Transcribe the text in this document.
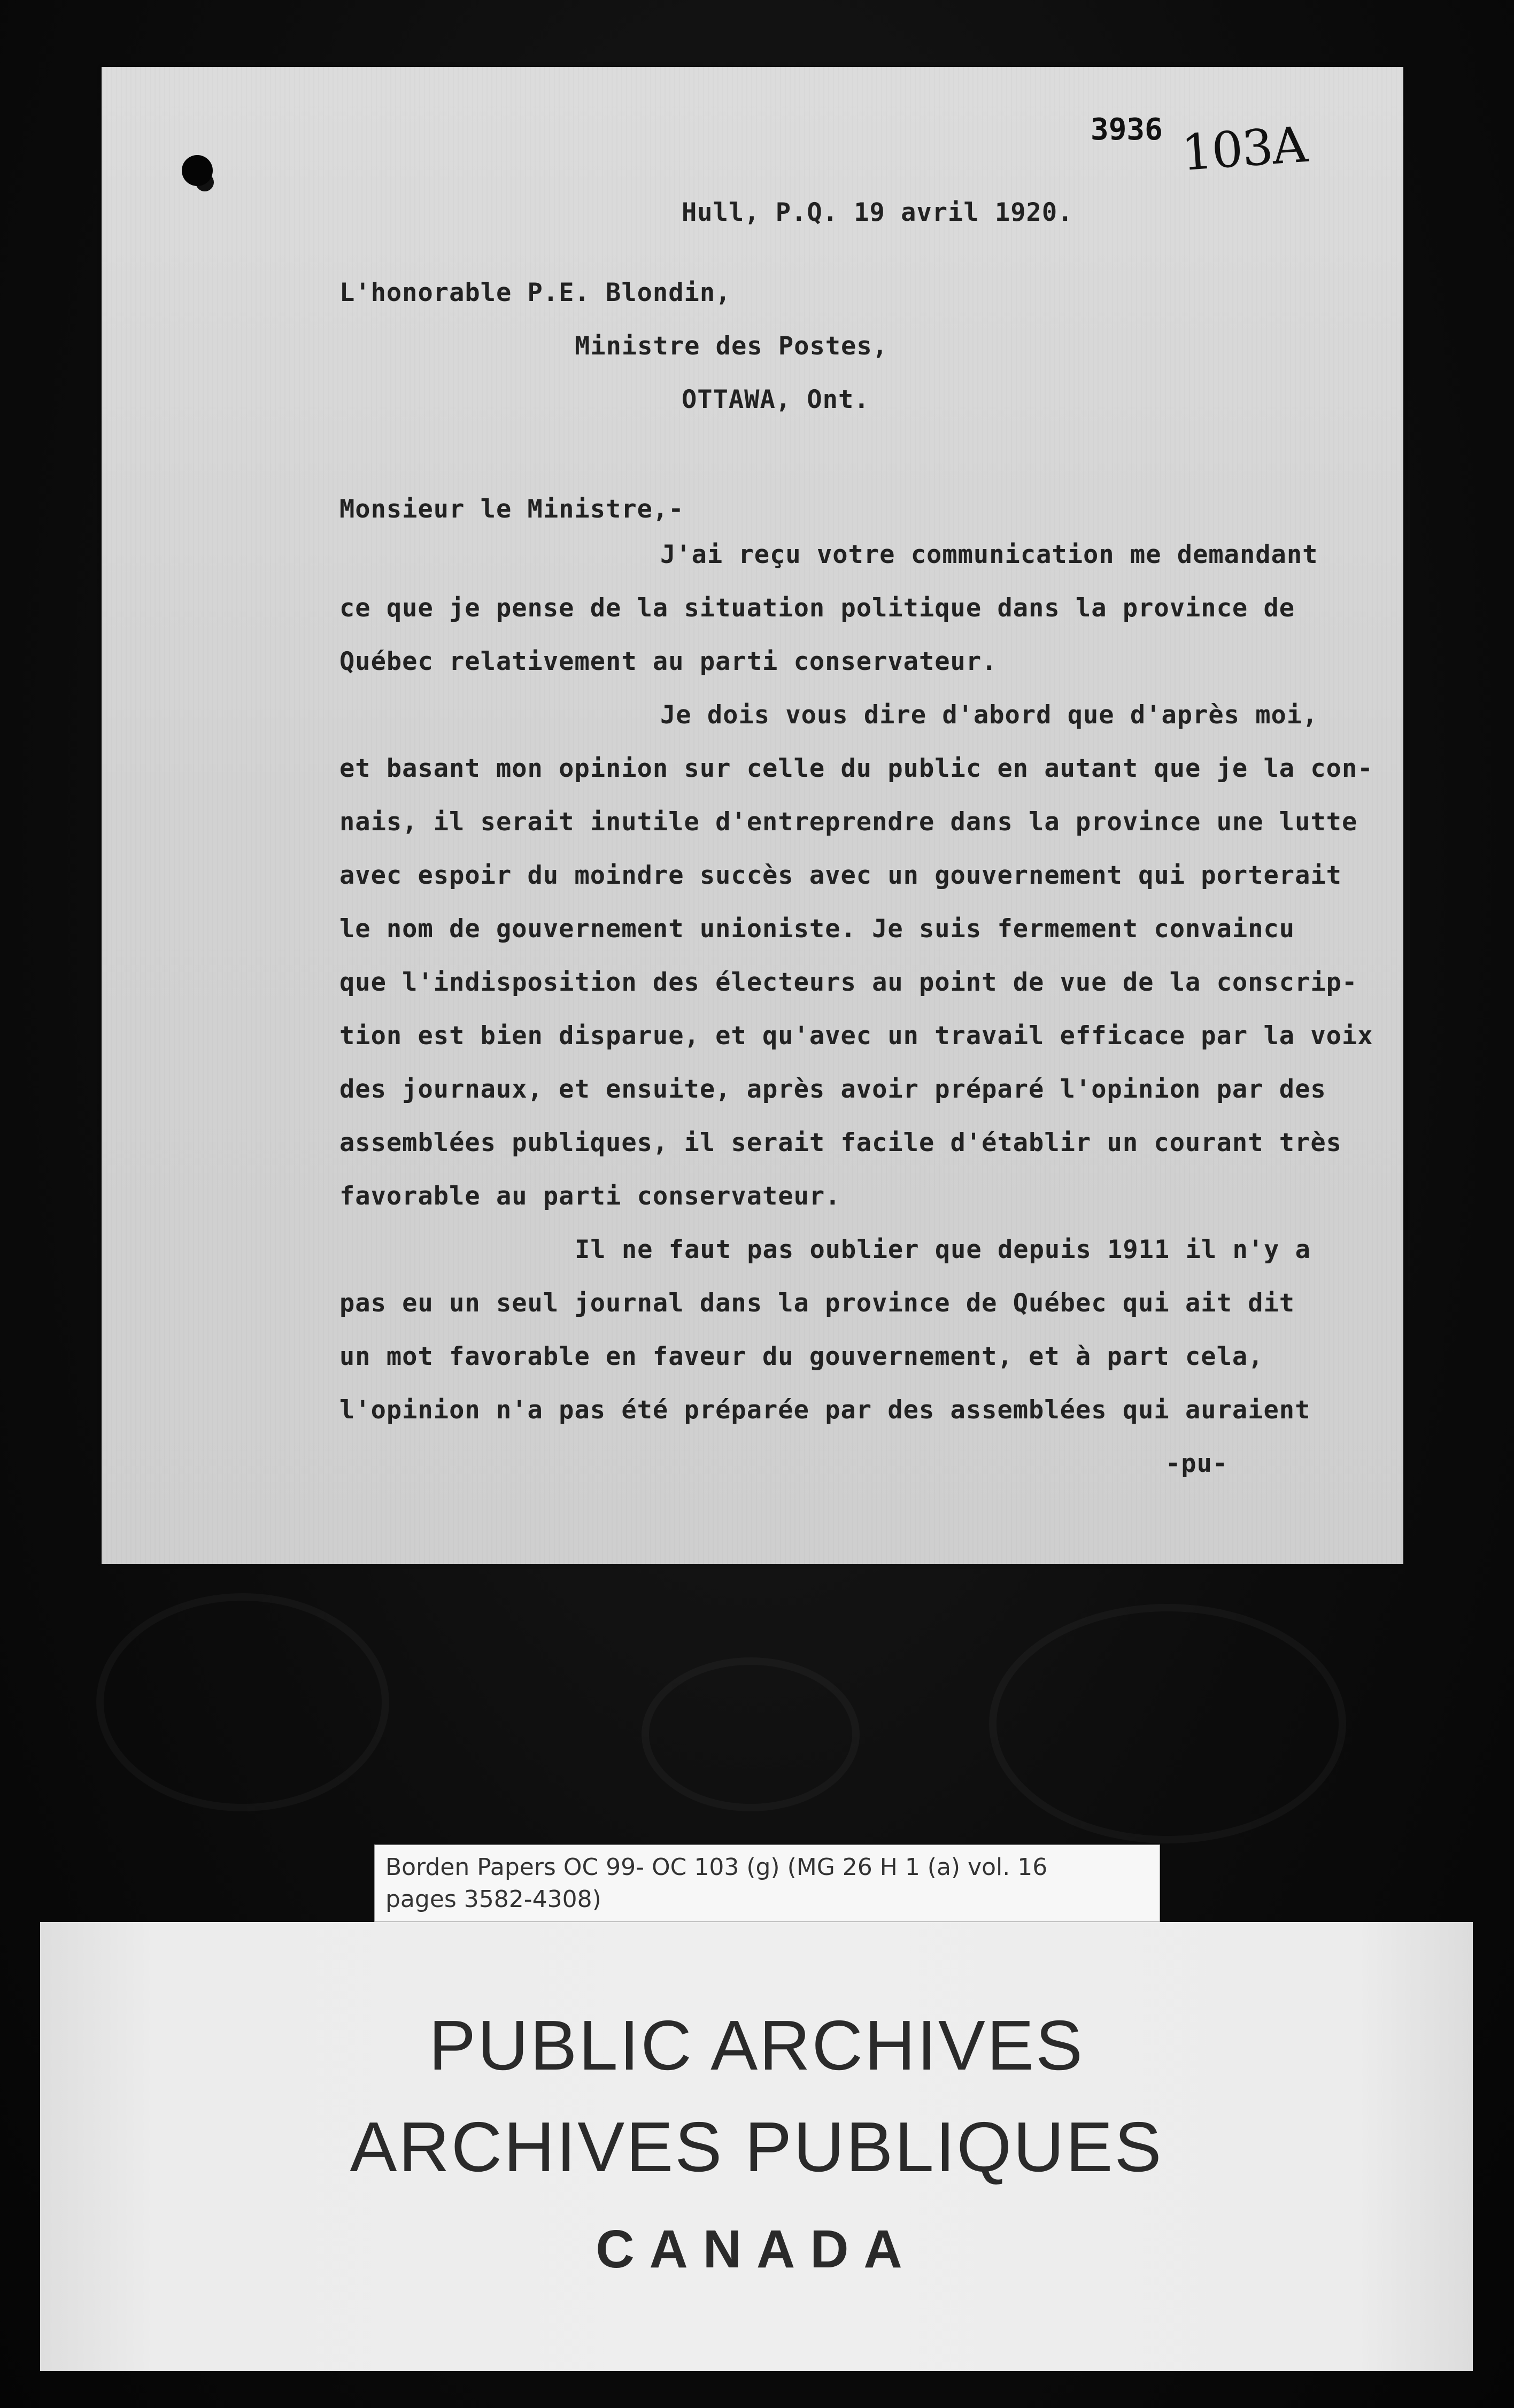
3936 103A
Hull, P.Q. 19 avril 1920.
L'honorable P.E. Blondin,
Ministre des Postes,
OTTAWA, Ont.
Monsieur le Ministre,-
J'ai reçu votre communication me demandant
ce que je pense de la situation politique dans la province de
Québec relativement au parti conservateur.
Je dois vous dire d'abord que d'après moi,
et basant mon opinion sur celle du public en autant que je la con-
nais, il serait inutile d'entreprendre dans la province une lutte
avec espoir du moindre succès avec un gouvernement qui porterait
le nom de gouvernement unioniste. Je suis fermement convaincu
que l'indisposition des électeurs au point de vue de la conscrip-
tion est bien disparue, et qu'avec un travail efficace par la voix
des journaux, et ensuite, après avoir préparé l'opinion par des
assemblées publiques, il serait facile d'établir un courant très
favorable au parti conservateur.
Il ne faut pas oublier que depuis 1911 il n'y a
pas eu un seul journal dans la province de Québec qui ait dit
un mot favorable en faveur du gouvernement, et à part cela,
l'opinion n'a pas été préparée par des assemblées qui auraient
-pu-
Borden Papers OC 99- OC 103 (g) (MG 26 H 1 (a) vol. 16
pages 3582-4308)
PUBLIC ARCHIVES
ARCHIVES PUBLIQUES
CANADA
